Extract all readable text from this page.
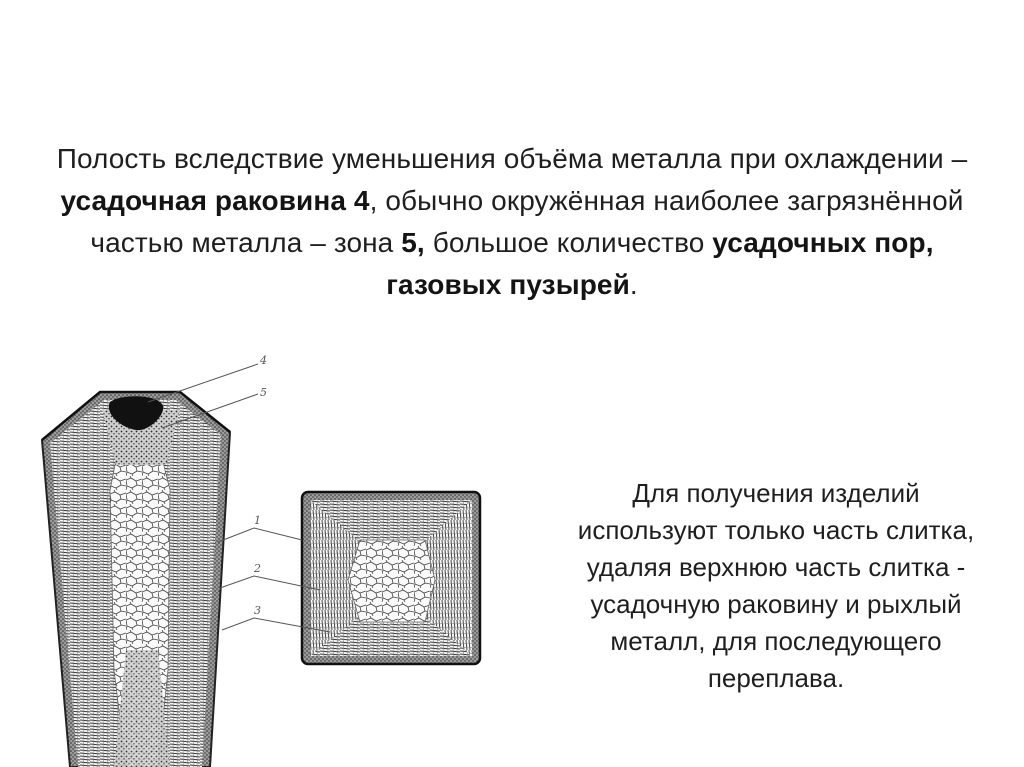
Полость вследствие уменьшения объёма металла при охлаждении – усадочная раковина 4, обычно окружённая наиболее загрязнённой частью металла – зона 5, большое количество усадочных пор, газовых пузырей.
4
5
1
2
3
Для получения изделий используют только часть слитка, удаляя верхнюю часть слитка - усадочную раковину и рыхлый металл, для последующего переплава.
